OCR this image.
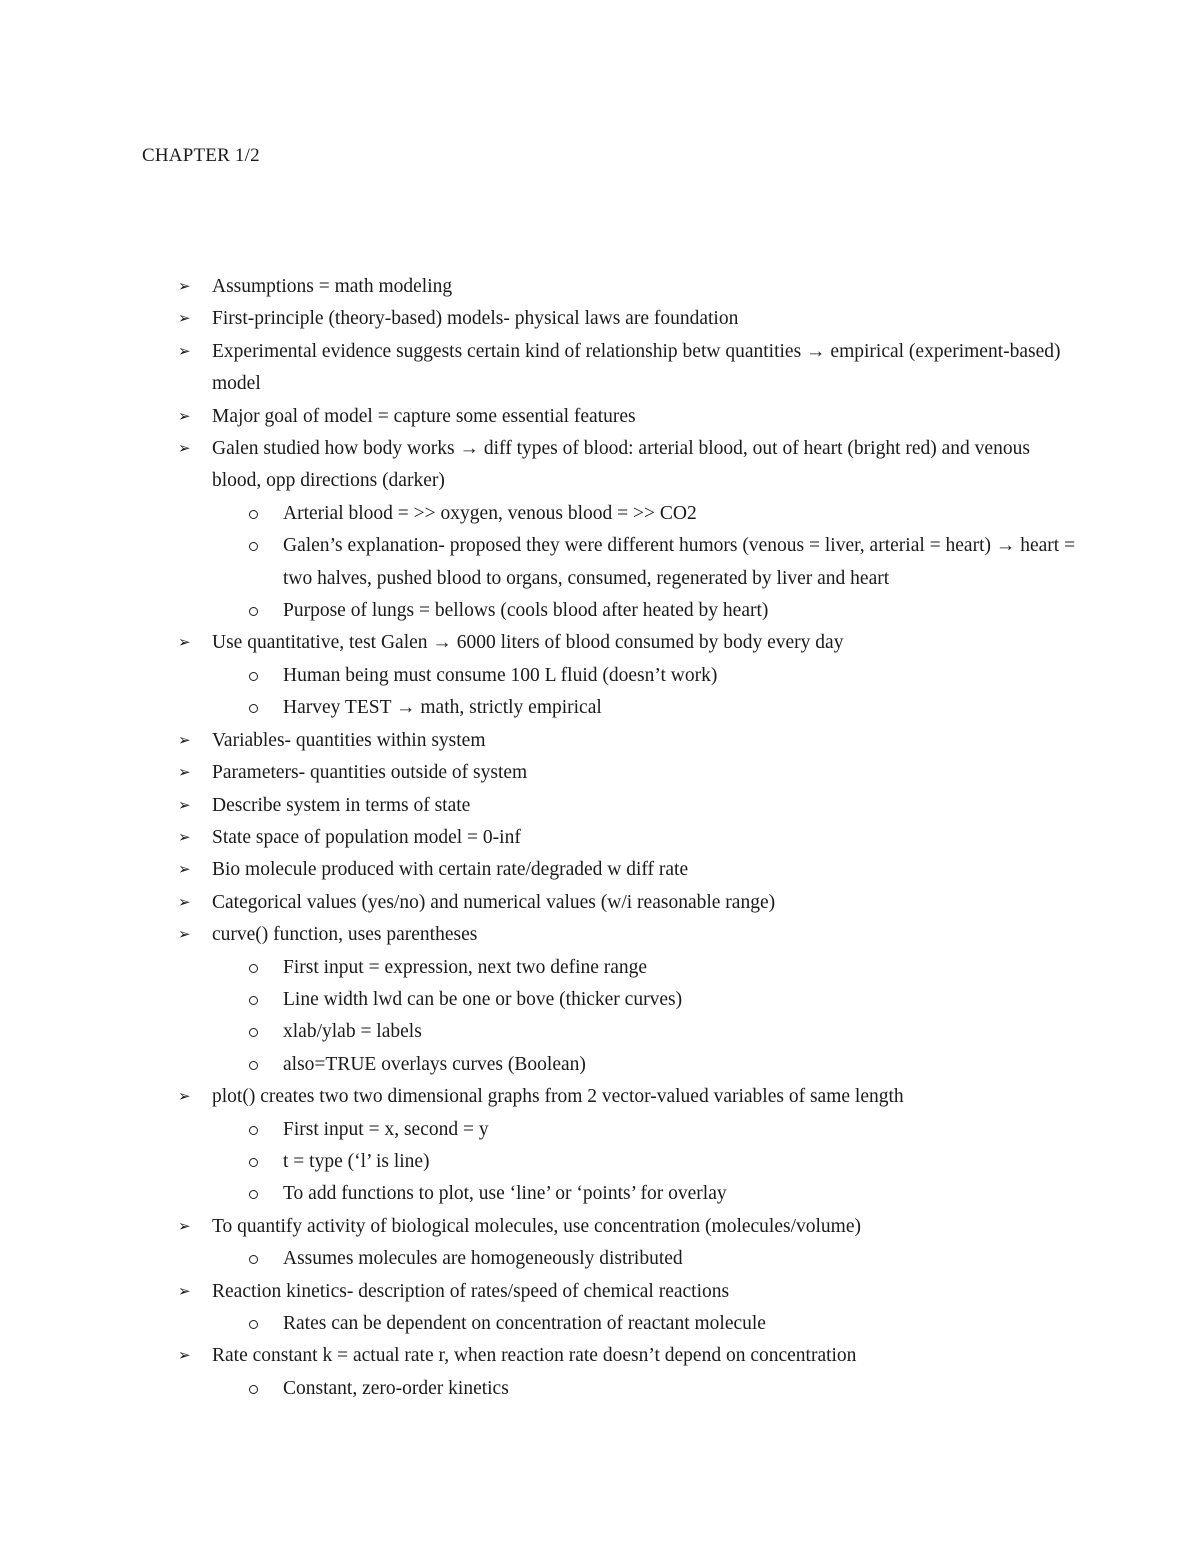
CHAPTER 1/2
➢ Assumptions = math modeling
➢ First-principle (theory-based) models- physical laws are foundation
➢ Experimental evidence suggests certain kind of relationship betw quantities → empirical (experiment-based) model
➢ Major goal of model = capture some essential features
➢ Galen studied how body works → diff types of blood: arterial blood, out of heart (bright red) and venous blood, opp directions (darker)
Arterial blood = >> oxygen, venous blood = >> CO2
Galen’s explanation- proposed they were different humors (venous = liver, arterial = heart) → heart = two halves, pushed blood to organs, consumed, regenerated by liver and heart
Purpose of lungs = bellows (cools blood after heated by heart)
➢ Use quantitative, test Galen → 6000 liters of blood consumed by body every day
Human being must consume 100 L fluid (doesn’t work)
Harvey TEST → math, strictly empirical
➢ Variables- quantities within system
➢ Parameters- quantities outside of system
➢ Describe system in terms of state
➢ State space of population model = 0-inf
➢ Bio molecule produced with certain rate/degraded w diff rate
➢ Categorical values (yes/no) and numerical values (w/i reasonable range)
➢ curve() function, uses parentheses
First input = expression, next two define range
Line width lwd can be one or bove (thicker curves)
xlab/ylab = labels
also=TRUE overlays curves (Boolean)
➢ plot() creates two two dimensional graphs from 2 vector-valued variables of same length
First input = x, second = y
t = type (‘l’ is line)
To add functions to plot, use ‘line’ or ‘points’ for overlay
➢ To quantify activity of biological molecules, use concentration (molecules/volume)
Assumes molecules are homogeneously distributed
➢ Reaction kinetics- description of rates/speed of chemical reactions
Rates can be dependent on concentration of reactant molecule
➢ Rate constant k = actual rate r, when reaction rate doesn’t depend on concentration
Constant, zero-order kinetics
